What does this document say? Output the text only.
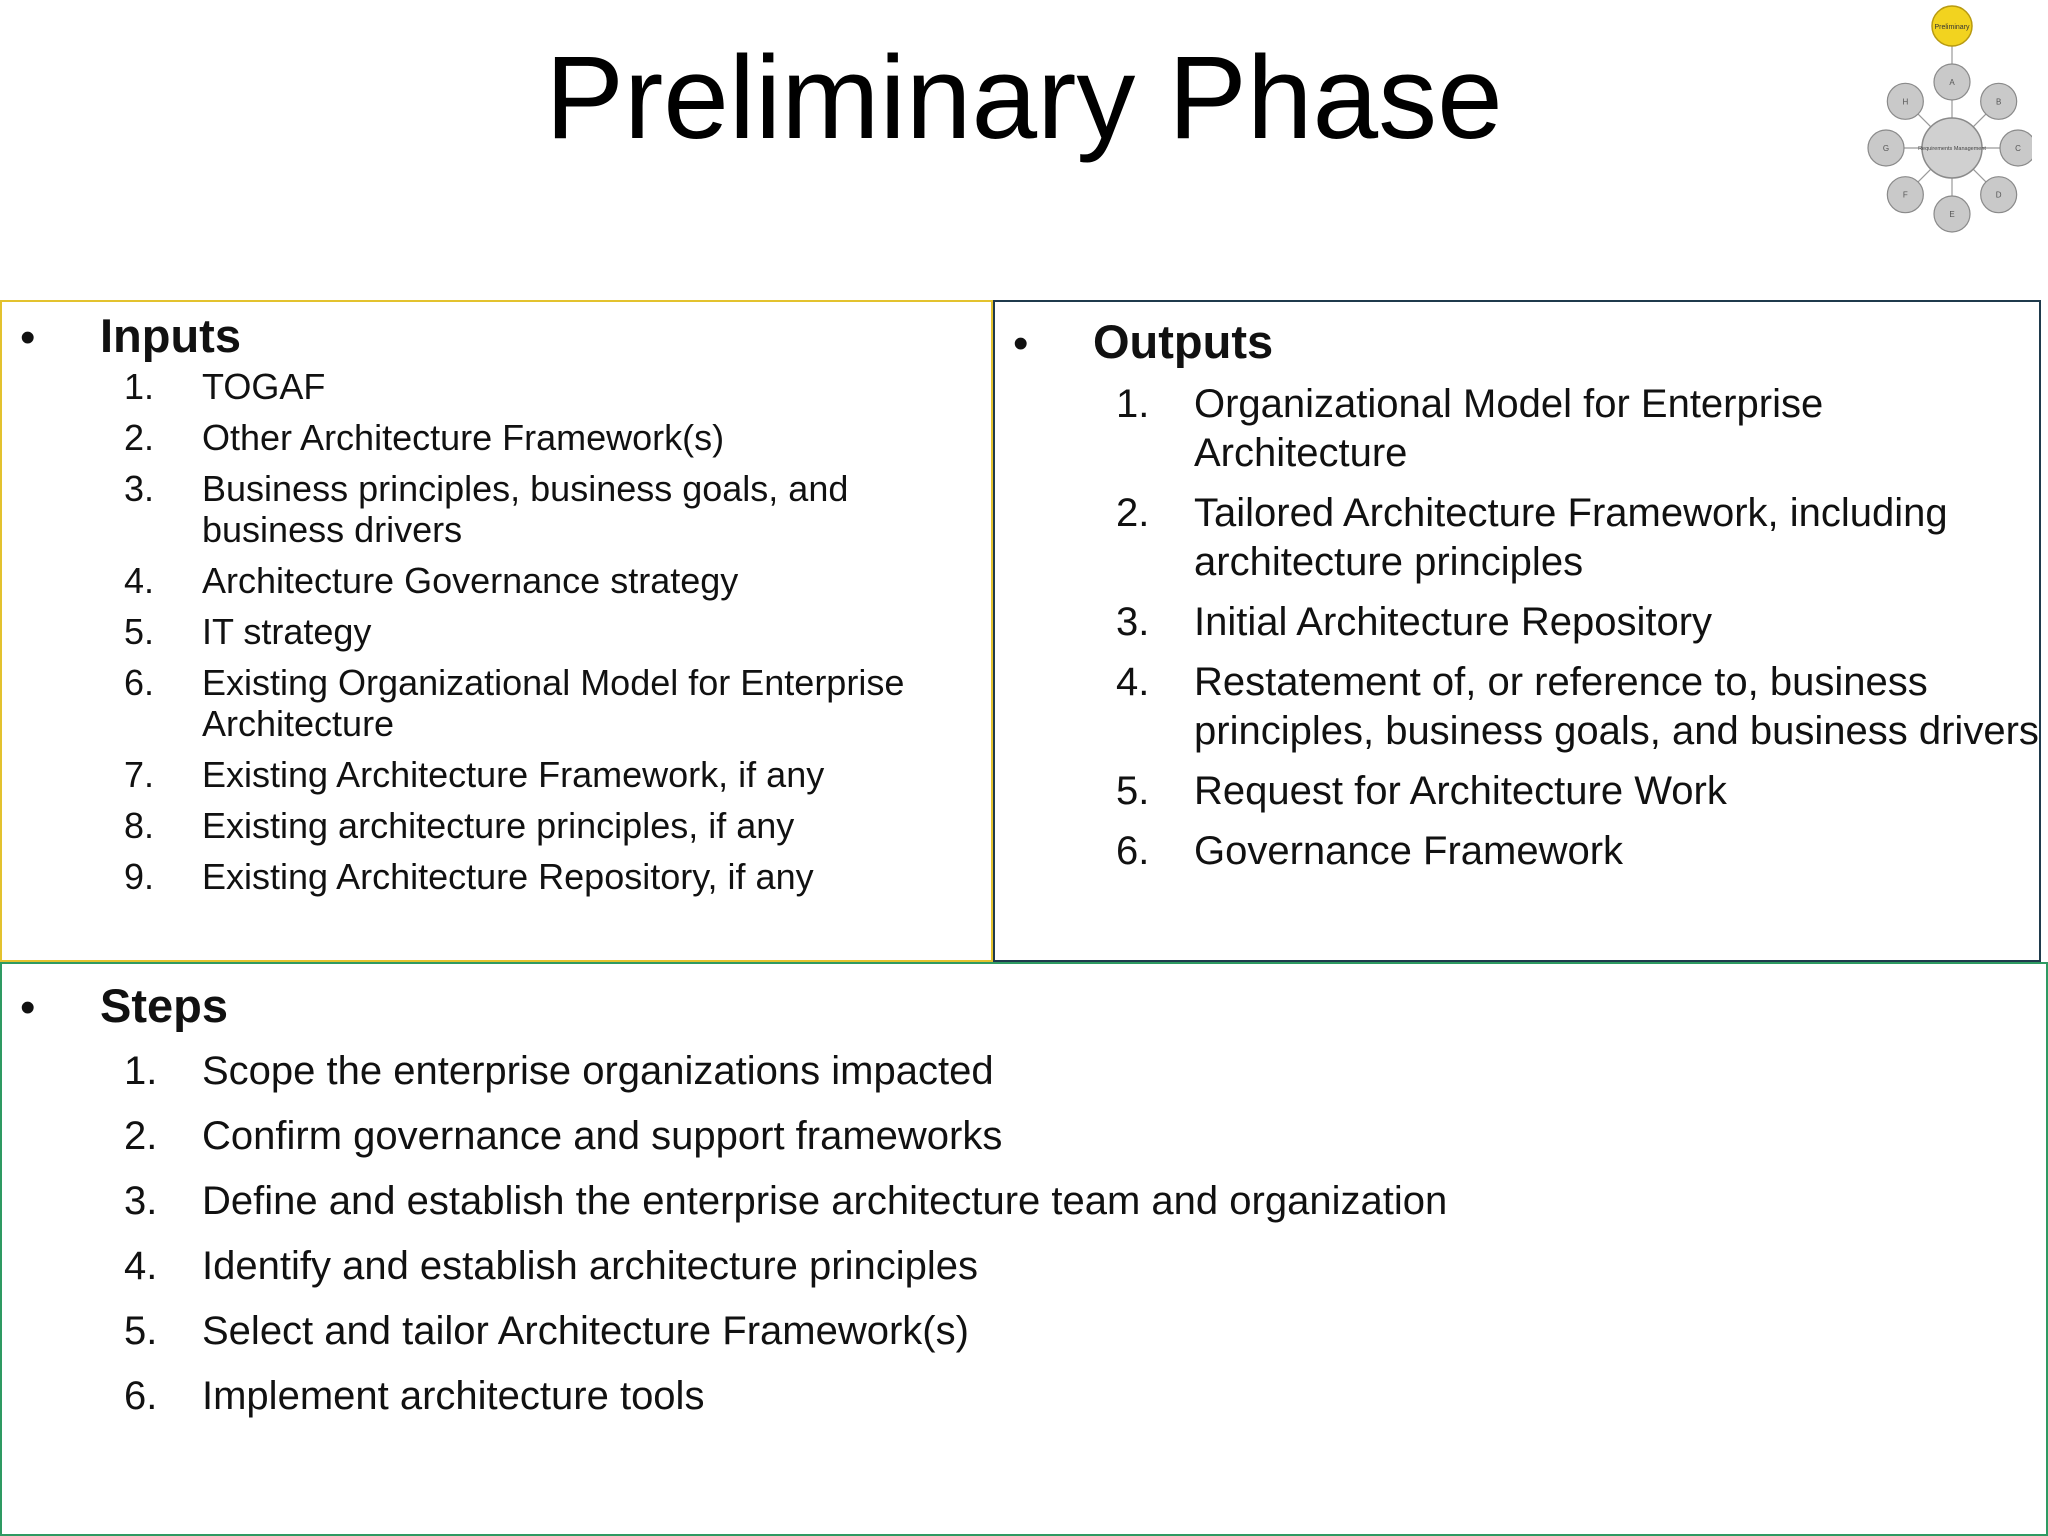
Preliminary Phase	A
B
C
D
E
F
G
H
Preliminary
Requirements Management
•	Inputs
1.	TOGAF
2.	Other Architecture Framework(s)
3.	Business principles, business goals, and business drivers
4.	Architecture Governance strategy
5.	IT strategy
6.	Existing Organizational Model for Enterprise Architecture
7.	Existing Architecture Framework, if any
8.	Existing architecture principles, if any
9.	Existing Architecture Repository, if any
•	Outputs
1.	Organizational Model for Enterprise Architecture
2.	Tailored Architecture Framework, including architecture principles
3.	Initial Architecture Repository
4.	Restatement of, or reference to, business principles, business goals, and business drivers
5.	Request for Architecture Work
6.	Governance Framework
•	Steps
1.	Scope the enterprise organizations impacted
2.	Confirm governance and support frameworks
3.	Define and establish the enterprise architecture team and organization
4.	Identify and establish architecture principles
5.	Select and tailor Architecture Framework(s)
6.	Implement architecture tools
